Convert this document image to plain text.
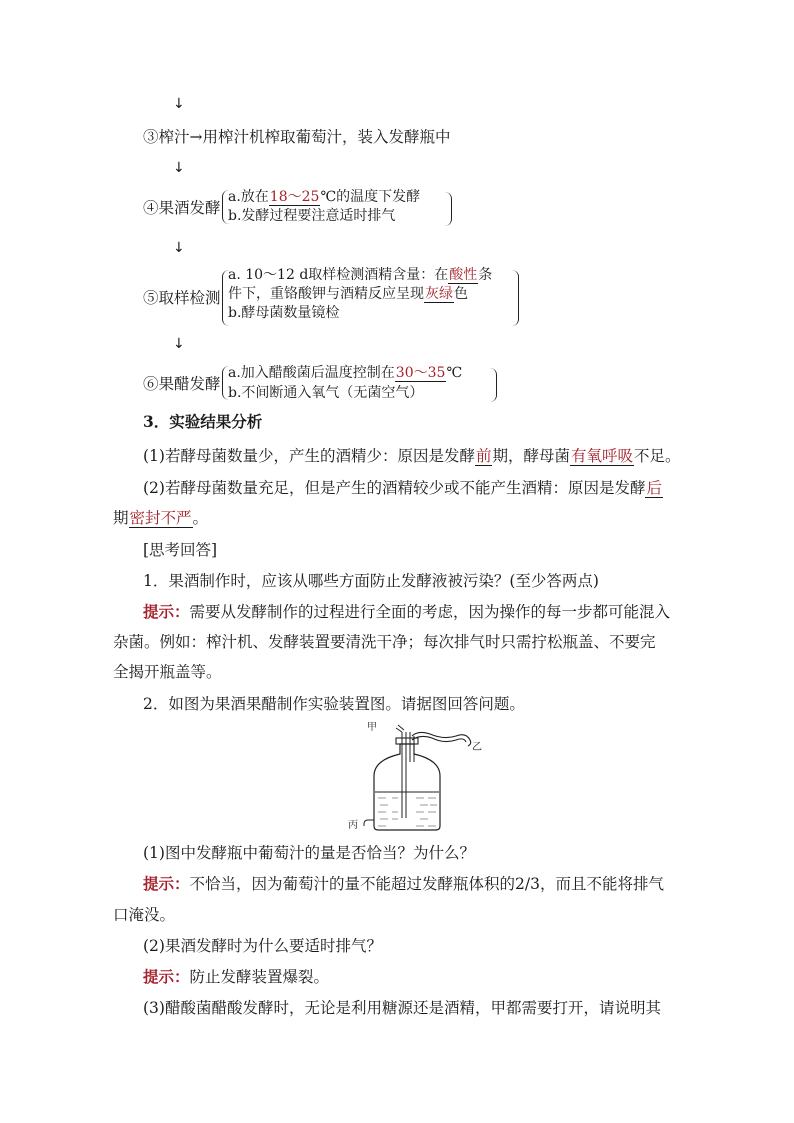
↓
③榨汁→用榨汁机榨取葡萄汁，装入发酵瓶中
↓
④果酒发酵
a.放在18～25℃的温度下发酵
b.发酵过程要注意适时排气
↓
⑤取样检测
a. 10～12 d取样检测酒精含量：在酸性条
件下，重铬酸钾与酒精反应呈现灰绿色
b.酵母菌数量镜检
↓
⑥果醋发酵
a.加入醋酸菌后温度控制在30～35℃
b.不间断通入氧气（无菌空气）
3．实验结果分析
(1)若酵母菌数量少，产生的酒精少：原因是发酵前期，酵母菌有氧呼吸不足。
(2)若酵母菌数量充足，但是产生的酒精较少或不能产生酒精：原因是发酵后
期密封不严。
[思考回答]
1．果酒制作时，应该从哪些方面防止发酵液被污染？(至少答两点)
提示：需要从发酵制作的过程进行全面的考虑，因为操作的每一步都可能混入
杂菌。例如：榨汁机、发酵装置要清洗干净；每次排气时只需拧松瓶盖、不要完
全揭开瓶盖等。
2．如图为果酒果醋制作实验装置图。请据图回答问题。
甲
乙
丙
(1)图中发酵瓶中葡萄汁的量是否恰当？为什么？
提示：不恰当，因为葡萄汁的量不能超过发酵瓶体积的2/3，而且不能将排气
口淹没。
(2)果酒发酵时为什么要适时排气？
提示：防止发酵装置爆裂。
(3)醋酸菌醋酸发酵时，无论是利用糖源还是酒精，甲都需要打开，请说明其
